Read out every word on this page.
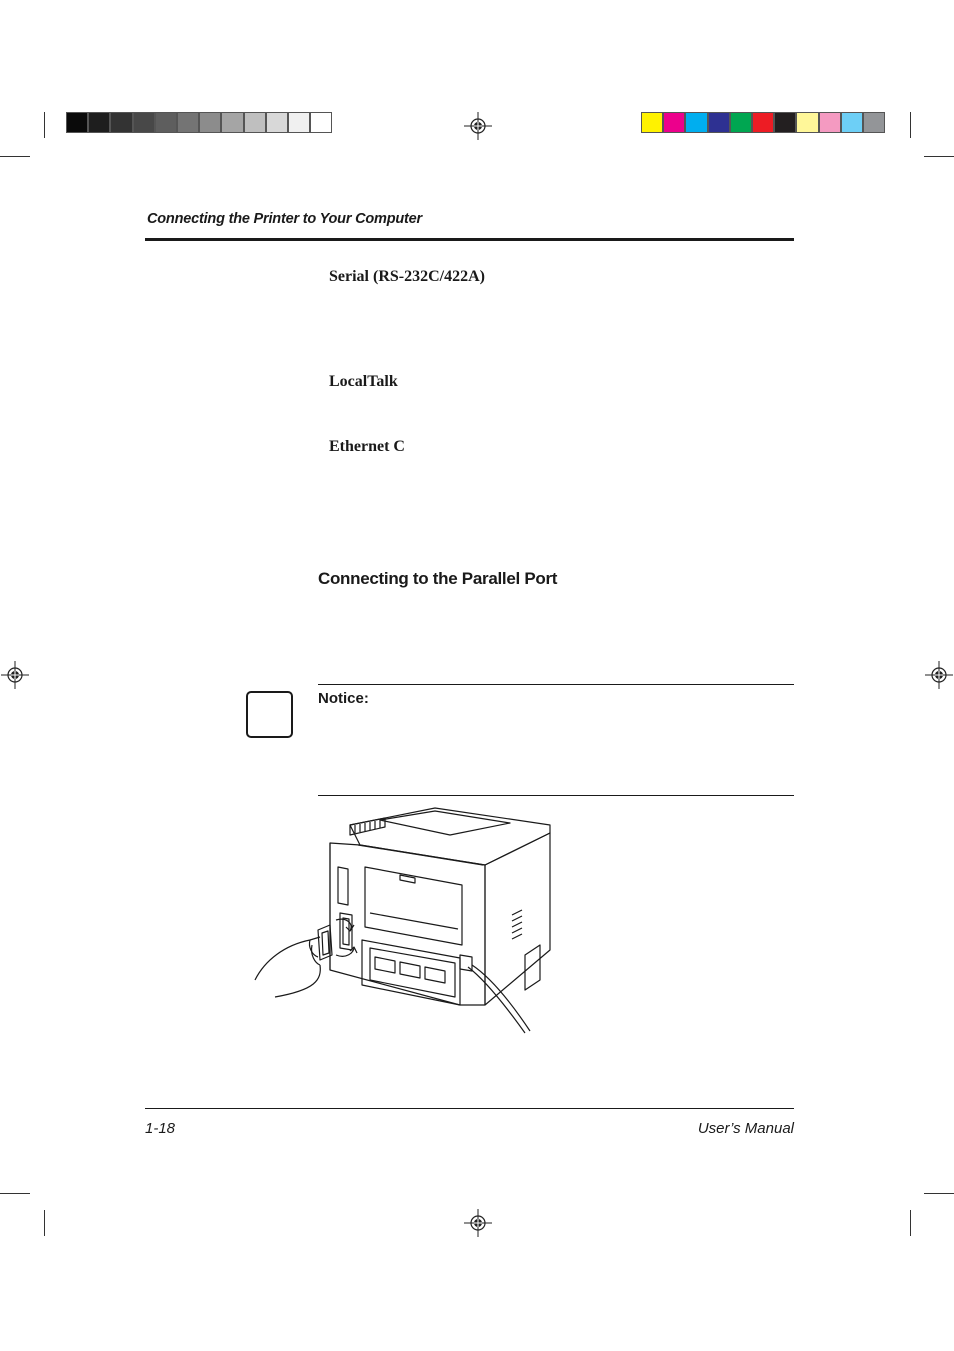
Connecting the Printer to Your Computer
Serial (RS-232C/422A)
LocalTalk
Ethernet C
Connecting to the Parallel Port
Notice:
1-18	User’s Manual
